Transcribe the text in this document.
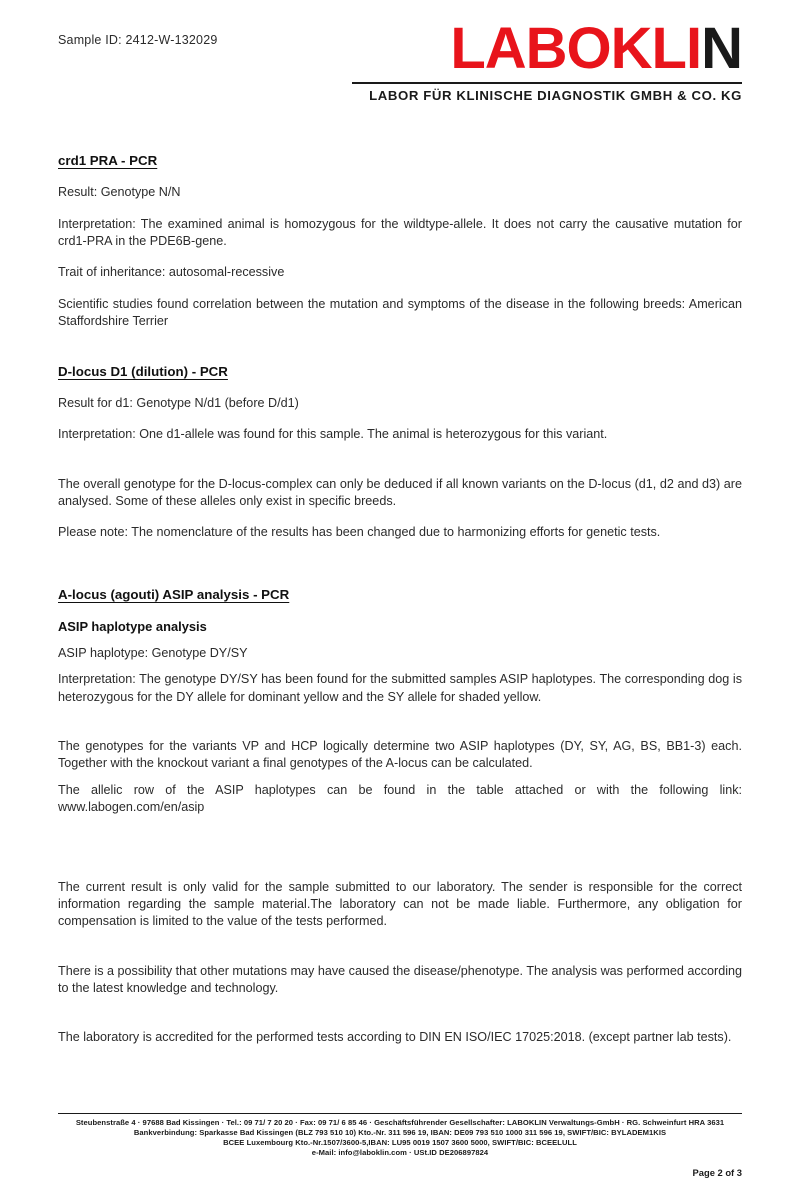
Sample ID: 2412-W-132029	LABOKLIN
LABOR FÜR KLINISCHE DIAGNOSTIK GMBH & CO. KG
crd1 PRA - PCR

Result: Genotype N/N

Interpretation: The examined animal is homozygous for the wildtype-allele. It does not carry the causative mutation for crd1-PRA in the PDE6B-gene.

Trait of inheritance: autosomal-recessive

Scientific studies found correlation between the mutation and symptoms of the disease in the following breeds: American Staffordshire Terrier

D-locus D1 (dilution) - PCR

Result for d1: Genotype N/d1 (before D/d1)

Interpretation: One d1-allele was found for this sample. The animal is heterozygous for this variant.

The overall genotype for the D-locus-complex can only be deduced if all known variants on the D-locus (d1, d2 and d3) are analysed. Some of these alleles only exist in specific breeds.

Please note: The nomenclature of the results has been changed due to harmonizing efforts for genetic tests.

A-locus (agouti) ASIP analysis - PCR
ASIP haplotype analysis

ASIP haplotype: Genotype DY/SY

Interpretation: The genotype DY/SY has been found for the submitted samples ASIP haplotypes. The corresponding dog is heterozygous for the DY allele for dominant yellow and the SY allele for shaded yellow.

The genotypes for the variants VP and HCP logically determine two ASIP haplotypes (DY, SY, AG, BS, BB1-3) each. Together with the knockout variant a final genotypes of the A-locus can be calculated.

The allelic row of the ASIP haplotypes can be found in the table attached or with the following link: www.labogen.com/en/asip

The current result is only valid for the sample submitted to our laboratory. The sender is responsible for the correct information regarding the sample material.The laboratory can not be made liable. Furthermore, any obligation for compensation is limited to the value of the tests performed.

There is a possibility that other mutations may have caused the disease/phenotype. The analysis was performed according to the latest knowledge and technology.

The laboratory is accredited for the performed tests according to DIN EN ISO/IEC 17025:2018. (except partner lab tests).

Steubenstraße 4 · 97688 Bad Kissingen · Tel.: 09 71/ 7 20 20 · Fax: 09 71/ 6 85 46 · Geschäftsführender Gesellschafter: LABOKLIN Verwaltungs-GmbH · RG. Schweinfurt HRA 3631
Bankverbindung: Sparkasse Bad Kissingen (BLZ 793 510 10) Kto.-Nr. 311 596 19, IBAN: DE09 793 510 1000 311 596 19, SWIFT/BIC: BYLADEM1KIS
BCEE Luxembourg Kto.-Nr.1507/3600-5,IBAN: LU95 0019 1507 3600 5000, SWIFT/BIC: BCEELULL
e-Mail: info@laboklin.com · USt.ID DE206897824
Page 2 of 3
